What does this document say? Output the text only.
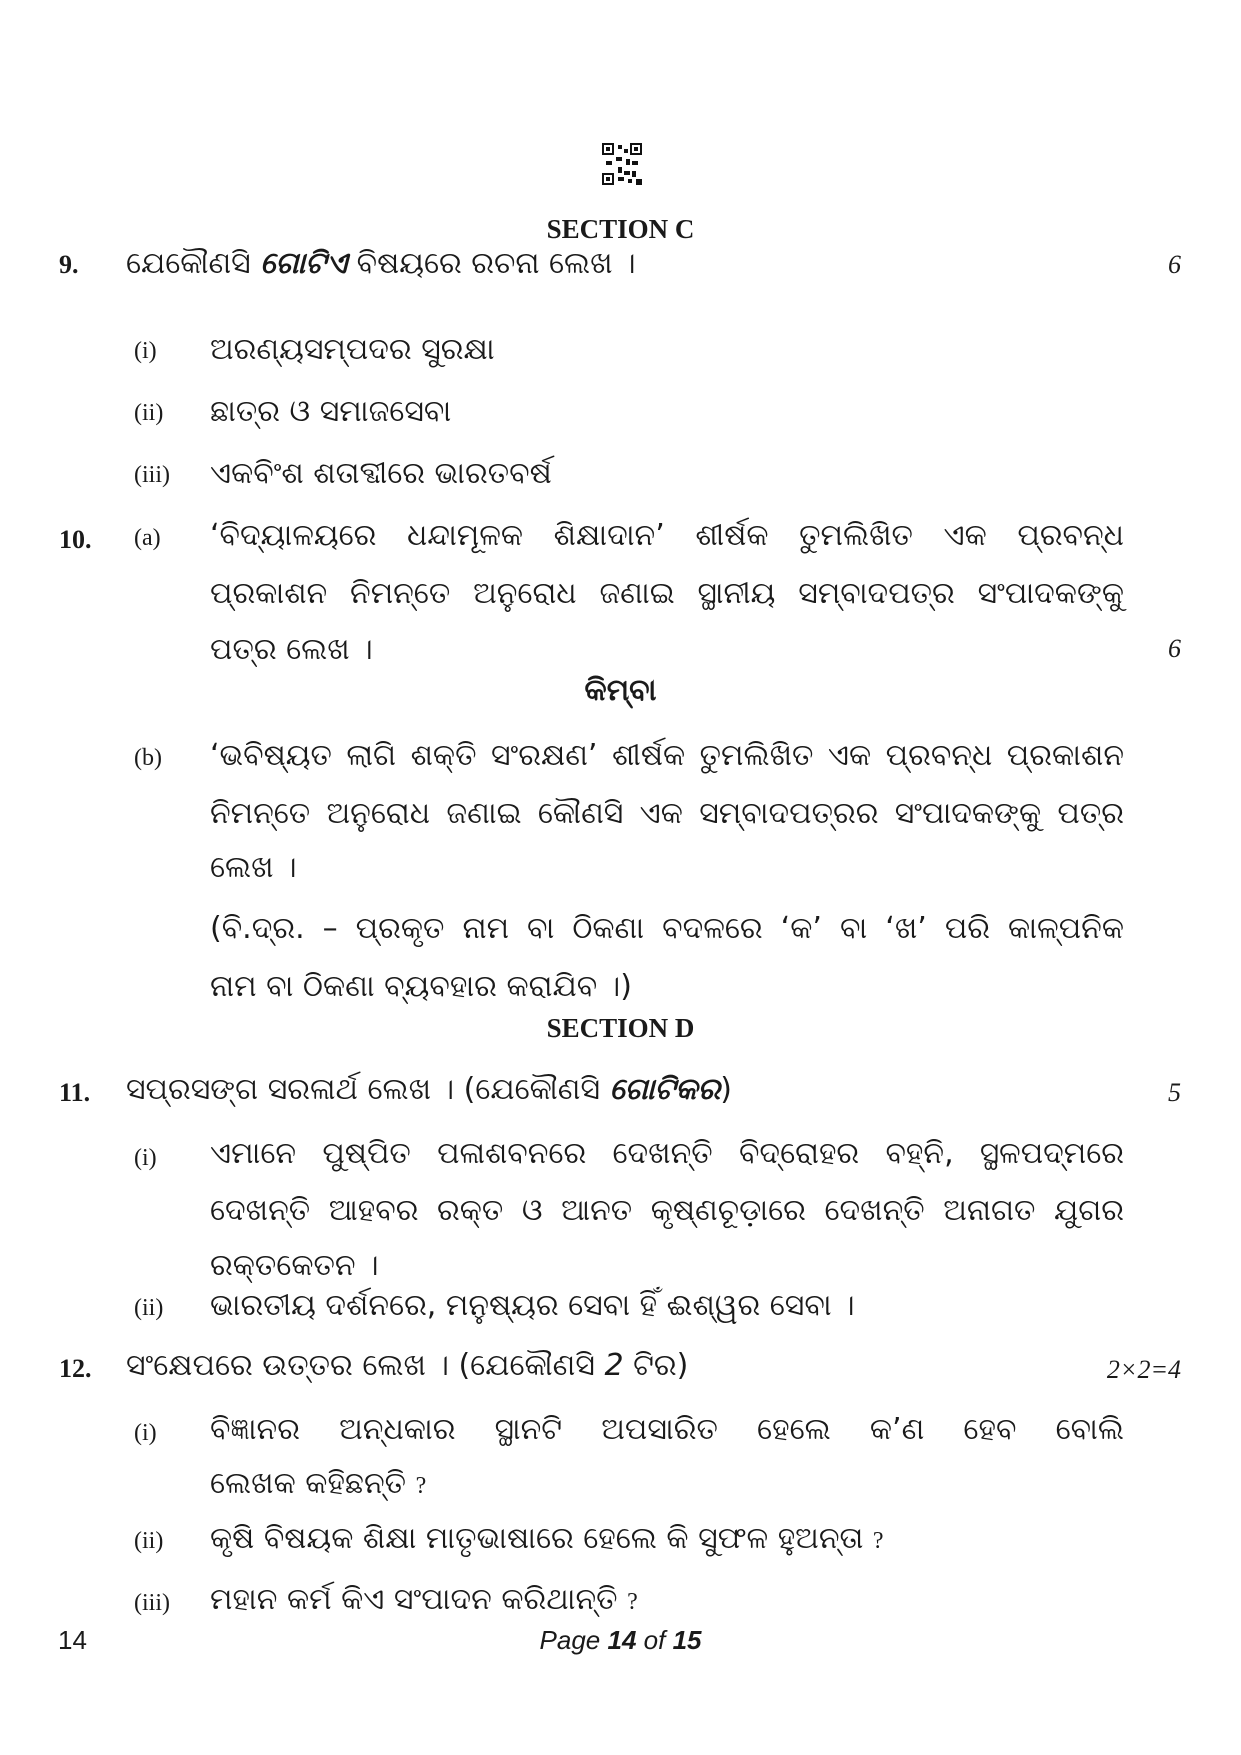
SECTION C
9. ଯେକୌଣସି ଗୋଟିଏ ବିଷୟରେ ରଚନା ଲେଖ ।	6
(i) ଅରଣ୍ୟସମ୍ପଦର ସୁରକ୍ଷା
(ii) ଛାତ୍ର ଓ ସମାଜସେବା
(iii) ଏକବିଂଶ ଶତାବ୍ଦୀରେ ଭାରତବର୍ଷ
10. (a) ‘ବିଦ୍ୟାଳୟରେ ଧନ୍ଦାମୂଳକ ଶିକ୍ଷାଦାନ’ ଶୀର୍ଷକ ତୁମଲିଖିତ ଏକ ପ୍ରବନ୍ଧ
ପ୍ରକାଶନ ନିମନ୍ତେ ଅନୁରୋଧ ଜଣାଇ ସ୍ଥାନୀୟ ସମ୍ବାଦପତ୍ର ସଂପାଦକଙ୍କୁ
ପତ୍ର ଲେଖ ।	6
କିମ୍ବା
(b) ‘ଭବିଷ୍ୟତ ଲାଗି ଶକ୍ତି ସଂରକ୍ଷଣ’ ଶୀର୍ଷକ ତୁମଲିଖିତ ଏକ ପ୍ରବନ୍ଧ ପ୍ରକାଶନ
ନିମନ୍ତେ ଅନୁରୋଧ ଜଣାଇ କୌଣସି ଏକ ସମ୍ବାଦପତ୍ରର ସଂପାଦକଙ୍କୁ ପତ୍ର
ଲେଖ ।
(ବି.ଦ୍ର. – ପ୍ରକୃତ ନାମ ବା ଠିକଣା ବଦଳରେ ‘କ’ ବା ‘ଖ’ ପରି କାଳ୍ପନିକ
ନାମ ବା ଠିକଣା ବ୍ୟବହାର କରାଯିବ ।)
SECTION D
11. ସପ୍ରସଙ୍ଗ ସରଳାର୍ଥ ଲେଖ । (ଯେକୌଣସି ଗୋଟିକର)	5
(i) ଏମାନେ ପୁଷ୍ପିତ ପଳାଶବନରେ ଦେଖନ୍ତି ବିଦ୍ରୋହର ବହ୍ନି, ସ୍ଥଳପଦ୍ମରେ
ଦେଖନ୍ତି ଆହବର ରକ୍ତ ଓ ଆନତ କୃଷ୍ଣଚୂଡ଼ାରେ ଦେଖନ୍ତି ଅନାଗତ ଯୁଗର
ରକ୍ତକେତନ ।
(ii) ଭାରତୀୟ ଦର୍ଶନରେ, ମନୁଷ୍ୟର ସେବା ହିଁ ଈଶ୍ୱର ସେବା ।
12. ସଂକ୍ଷେପରେ ଉତ୍ତର ଲେଖ । (ଯେକୌଣସି 2 ଟିର)	2×2=4
(i) ବିଜ୍ଞାନର ଅନ୍ଧକାର ସ୍ଥାନଟି ଅପସାରିତ ହେଲେ କ’ଣ ହେବ ବୋଲି
ଲେଖକ କହିଛନ୍ତି ?
(ii) କୃଷି ବିଷୟକ ଶିକ୍ଷା ମାତୃଭାଷାରେ ହେଲେ କି ସୁଫଳ ହୁଅନ୍ତା ?
(iii) ମହାନ କର୍ମ କିଏ ସଂପାଦନ କରିଥାନ୍ତି ?
14	Page 14 of 15
